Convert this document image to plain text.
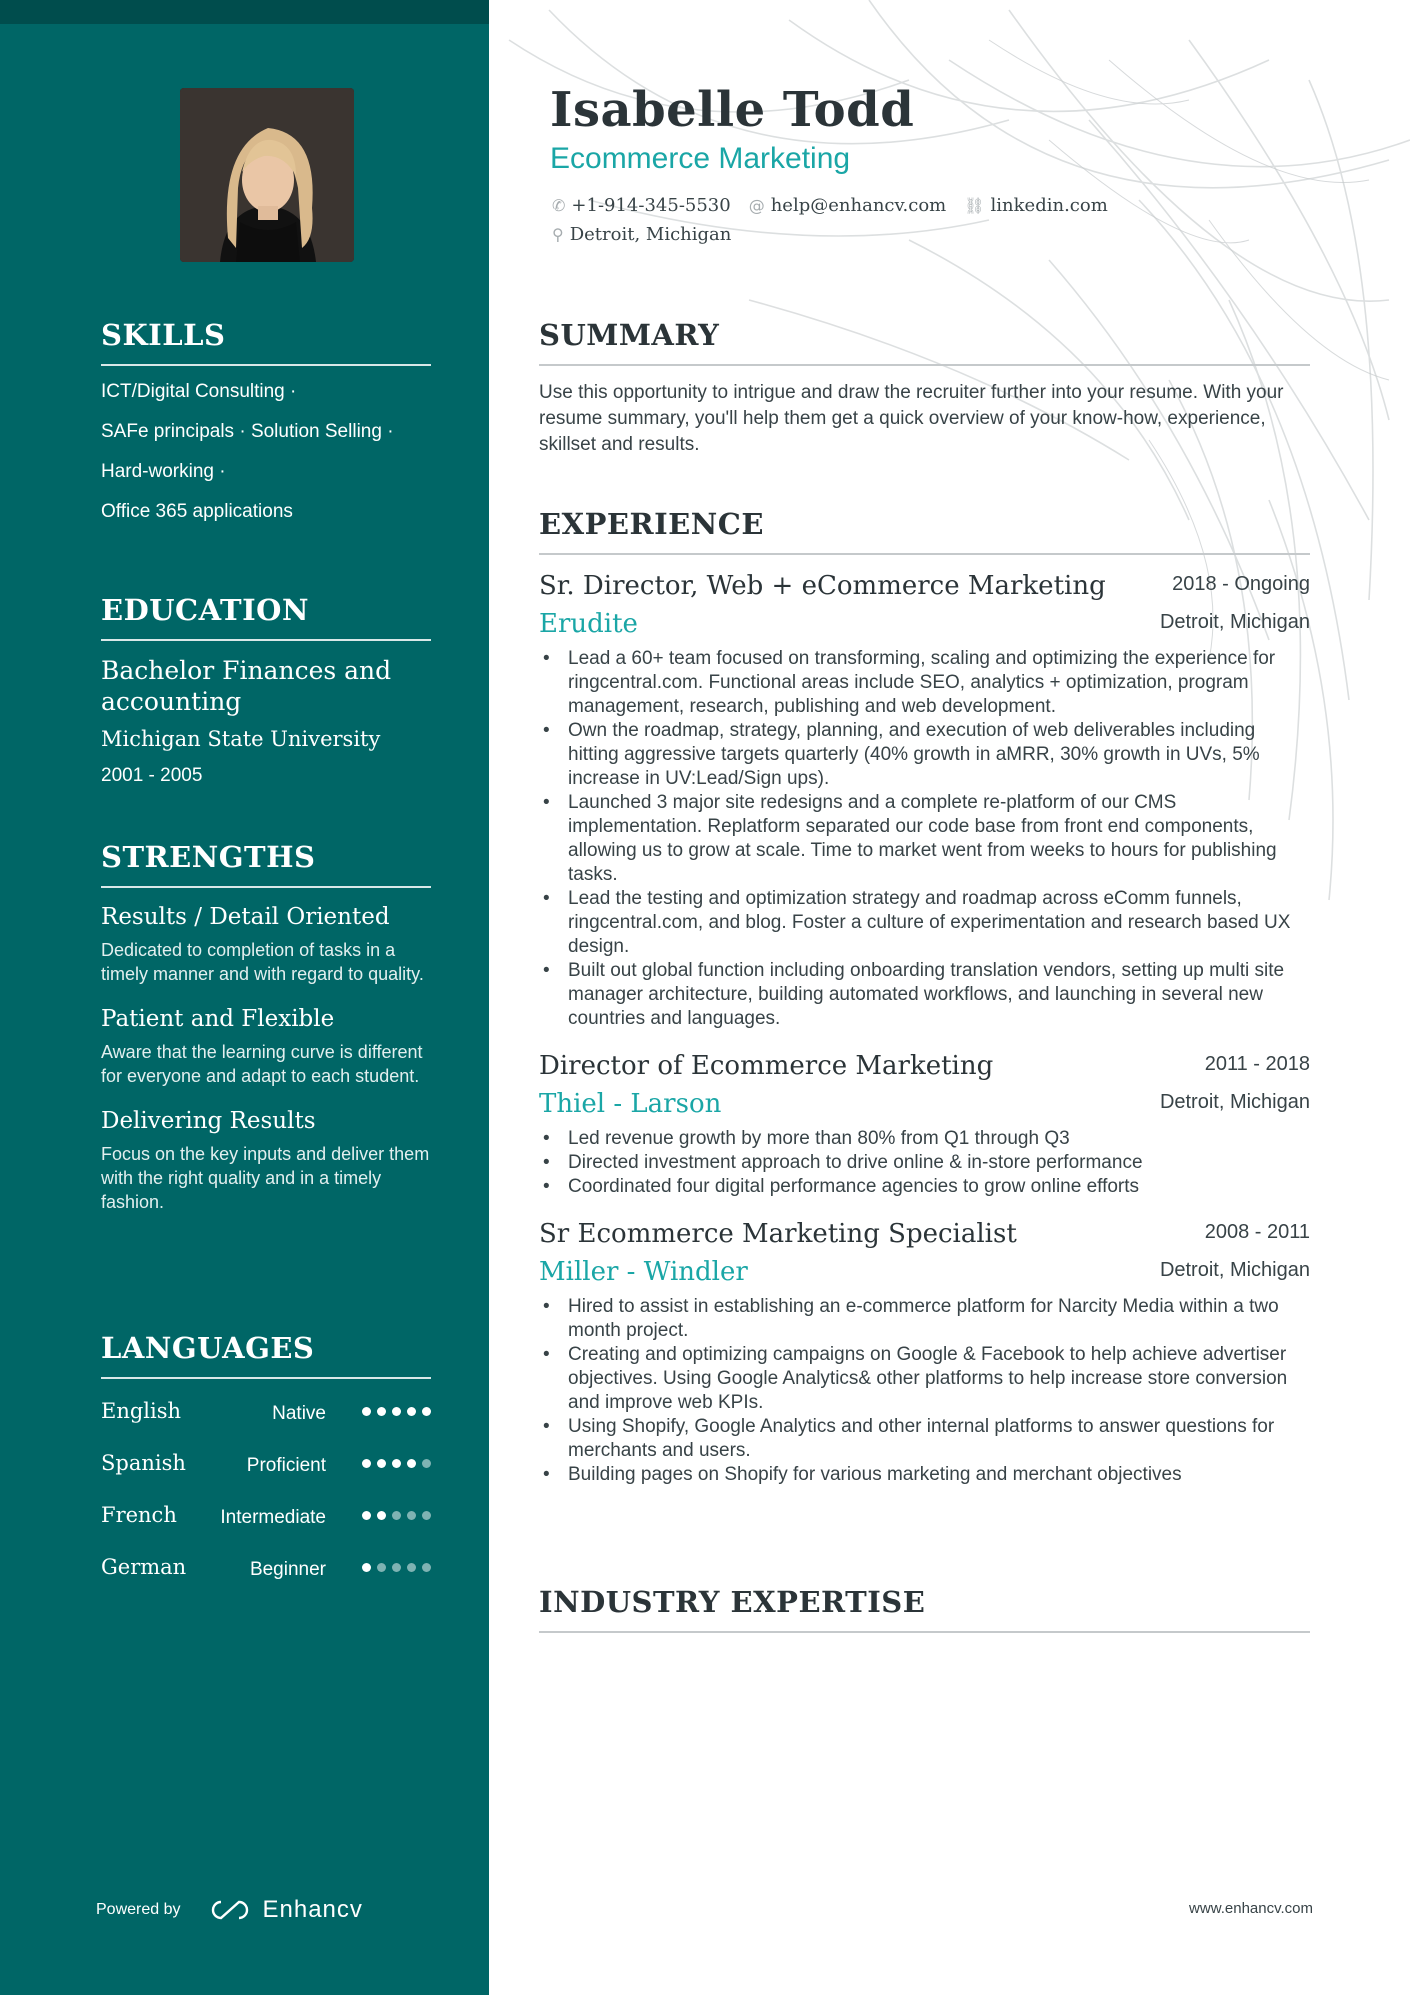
SKILLS
ICT/Digital Consulting ·
SAFe principals · Solution Selling ·
Hard-working ·
Office 365 applications
EDUCATION
Bachelor Finances and accounting
Michigan State University
2001 - 2005
STRENGTHS
Results / Detail Oriented
Dedicated to completion of tasks in a timely manner and with regard to quality.
Patient and Flexible
Aware that the learning curve is different for everyone and adapt to each student.
Delivering Results
Focus on the key inputs and deliver them with the right quality and in a timely fashion.
LANGUAGES
English	Native
Spanish	Proficient
French Intermediate
German	Beginner
Powered by	Enhancv
Isabelle Todd
Ecommerce Marketing
✆ +1-914-345-5530 @ help@enhancv.com ⛓ linkedin.com
⚲ Detroit, Michigan
SUMMARY

Use this opportunity to intrigue and draw the recruiter further into your resume. With your resume summary, you'll help them get a quick overview of your know-how, experience, skillset and results.

EXPERIENCE
Sr. Director, Web + eCommerce Marketing	2018 - Ongoing
Erudite	Detroit, Michigan
• Lead a 60+ team focused on transforming, scaling and optimizing the experience for ringcentral.com. Functional areas include SEO, analytics + optimization, program management, research, publishing and web development.
• Own the roadmap, strategy, planning, and execution of web deliverables including hitting aggressive targets quarterly (40% growth in aMRR, 30% growth in UVs, 5% increase in UV:Lead/Sign ups).
• Launched 3 major site redesigns and a complete re-platform of our CMS implementation. Replatform separated our code base from front end components, allowing us to grow at scale. Time to market went from weeks to hours for publishing tasks.
• Lead the testing and optimization strategy and roadmap across eComm funnels, ringcentral.com, and blog. Foster a culture of experimentation and research based UX design.
• Built out global function including onboarding translation vendors, setting up multi site manager architecture, building automated workflows, and launching in several new countries and languages.
Director of Ecommerce Marketing	2011 - 2018
Thiel - Larson	Detroit, Michigan
• Led revenue growth by more than 80% from Q1 through Q3
• Directed investment approach to drive online & in-store performance
• Coordinated four digital performance agencies to grow online efforts
Sr Ecommerce Marketing Specialist	2008 - 2011
Miller - Windler	Detroit, Michigan
• Hired to assist in establishing an e-commerce platform for Narcity Media within a two month project.
• Creating and optimizing campaigns on Google & Facebook to help achieve advertiser objectives. Using Google Analytics& other platforms to help increase store conversion and improve web KPIs.
• Using Shopify, Google Analytics and other internal platforms to answer questions for merchants and users.
• Building pages on Shopify for various marketing and merchant objectives
INDUSTRY EXPERTISE
www.enhancv.com
